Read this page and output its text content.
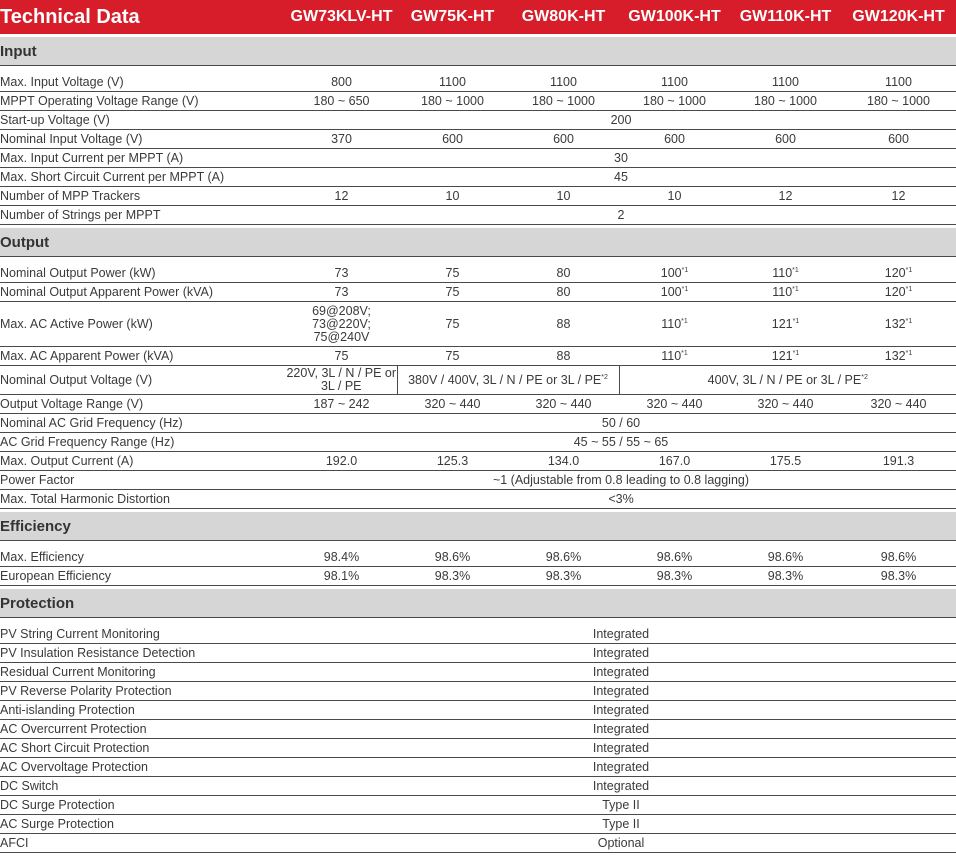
Technical Data	GW73KLV-HT	GW75K-HT	GW80K-HT	GW100K-HT	GW110K-HT	GW120K-HT

Input						

Max. Input Voltage (V)	800	1100	1100	1100	1100	1100
MPPT Operating Voltage Range (V)	180 ~ 650	180 ~ 1000	180 ~ 1000	180 ~ 1000	180 ~ 1000	180 ~ 1000
Start-up Voltage (V)	200					
Nominal Input Voltage (V)	370	600	600	600	600	600
Max. Input Current per MPPT (A)	30					
Max. Short Circuit Current per MPPT (A)	45					
Number of MPP Trackers	12	10	10	10	12	12
Number of Strings per MPPT	2					

Output						

Nominal Output Power (kW)	73	75	80	100$^{*1}$	110$^{*1}$	120$^{*1}$
Nominal Output Apparent Power (kVA)	73	75	80	100$^{*1}$	110$^{*1}$	120$^{*1}$
Max. AC Active Power (kW)	69@208V; 73@220V; 75@240V	75	88	110$^{*1}$	121$^{*1}$	132$^{*1}$
Max. AC Apparent Power (kVA)	75	75	88	110$^{*1}$	121$^{*1}$	132$^{*1}$
Nominal Output Voltage (V)	220V, 3L / N / PE or 3L / PE	380V / 400V, 3L / N / PE or 3L / PE$^{*2}$		400V, 3L / N / PE or 3L / PE$^{*2}$
Output Voltage Range (V)	187 ~ 242	320 ~ 440	320 ~ 440	320 ~ 440	320 ~ 440	320 ~ 440
Nominal AC Grid Frequency (Hz)	50 / 60					
AC Grid Frequency Range (Hz)	45 ~ 55 / 55 ~ 65					
Max. Output Current (A)	192.0	125.3	134.0	167.0	175.5	191.3
Power Factor	~1 (Adjustable from 0.8 leading to 0.8 lagging)					
Max. Total Harmonic Distortion	<3%					

Efficiency						

Max. Efficiency	98.4%	98.6%	98.6%	98.6%	98.6%	98.6%
European Efficiency	98.1%	98.3%	98.3%	98.3%	98.3%	98.3%

Protection						

PV String Current Monitoring	Integrated					
PV Insulation Resistance Detection	Integrated					
Residual Current Monitoring	Integrated					
PV Reverse Polarity Protection	Integrated					
Anti-islanding Protection	Integrated					
AC Overcurrent Protection	Integrated					
AC Short Circuit Protection	Integrated					
AC Overvoltage Protection	Integrated					
DC Switch	Integrated					
DC Surge Protection	Type II					
AC Surge Protection	Type II					
AFCI	Optional					
